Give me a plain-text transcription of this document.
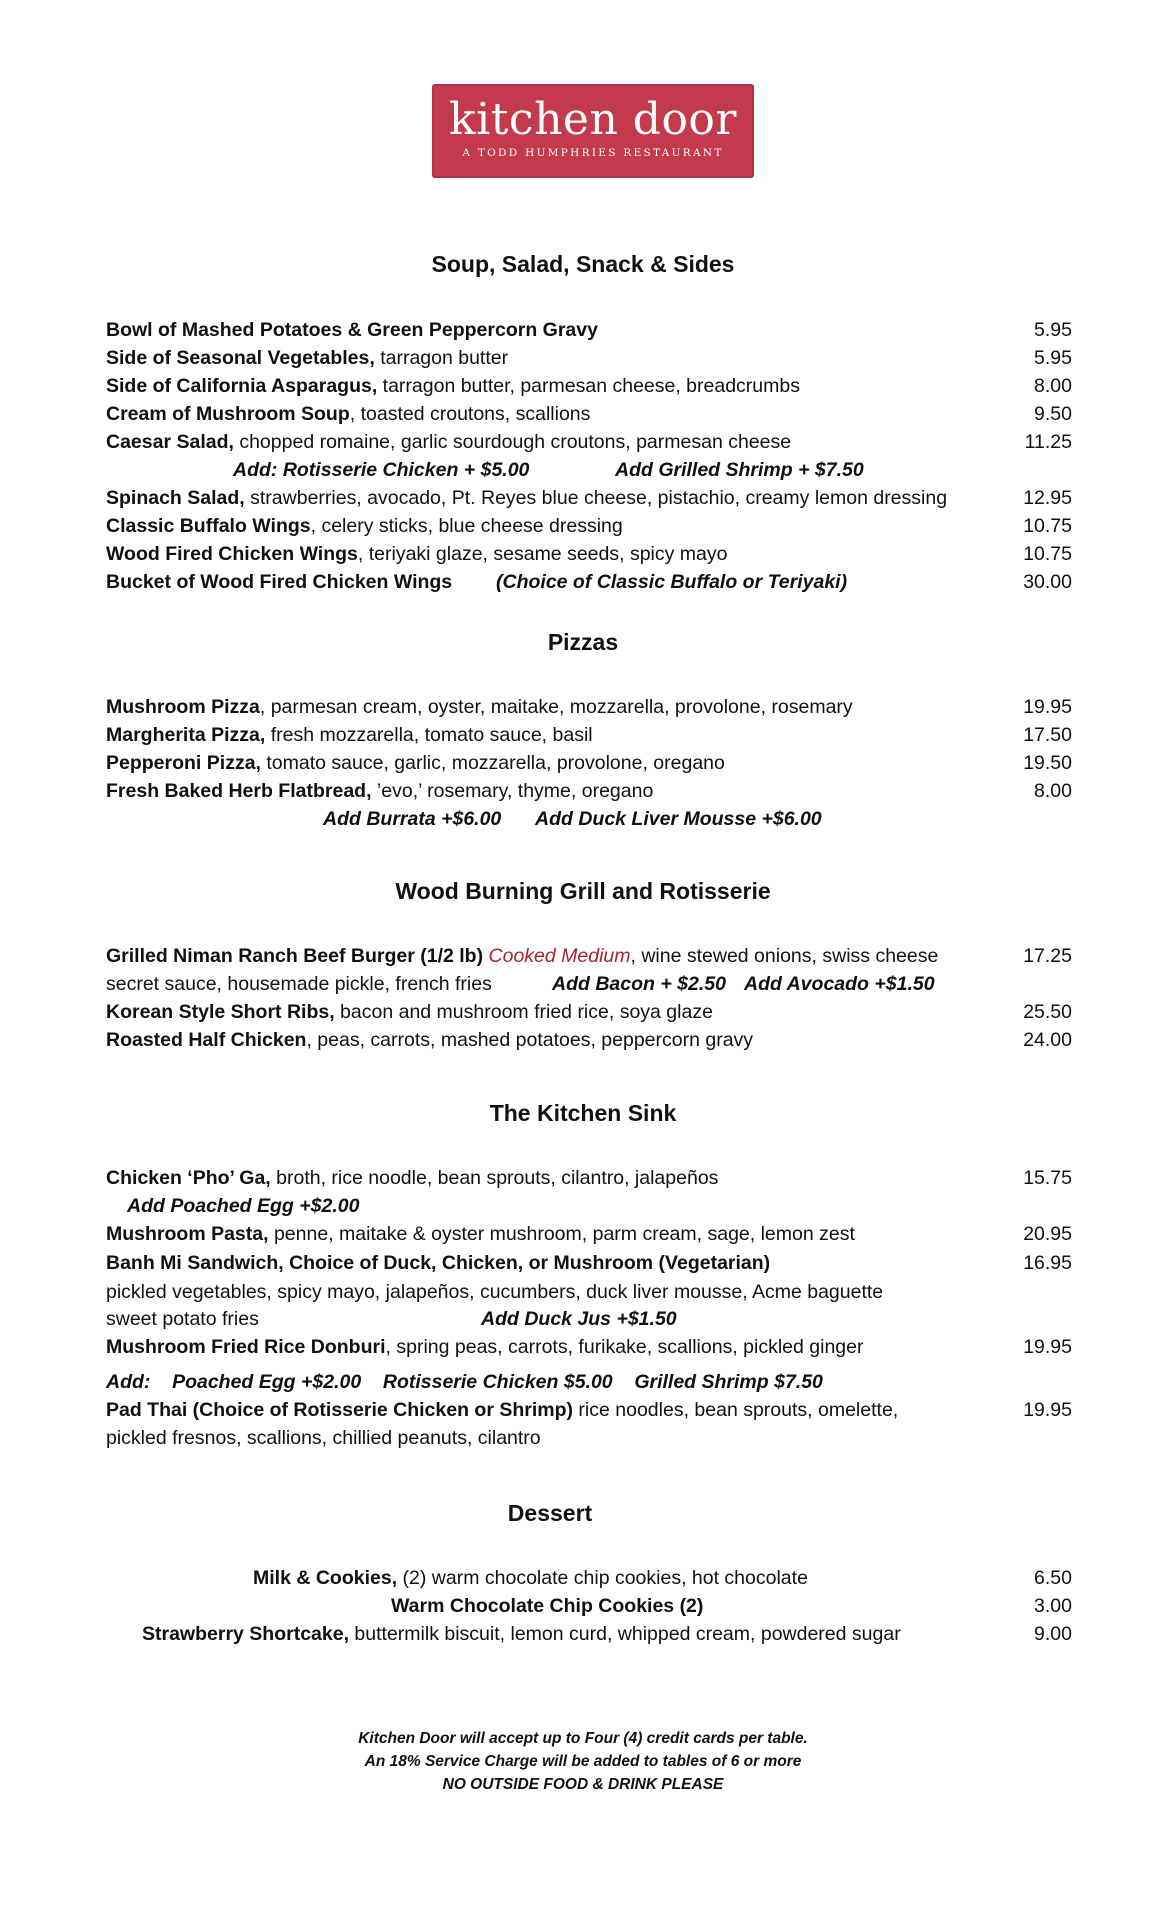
kitchen door
A TODD HUMPHRIES RESTAURANT
Soup, Salad, Snack & Sides
Bowl of Mashed Potatoes & Green Peppercorn Gravy	5.95
Side of Seasonal Vegetables, tarragon butter	5.95
Side of California Asparagus, tarragon butter, parmesan cheese, breadcrumbs	8.00
Cream of Mushroom Soup, toasted croutons, scallions	9.50
Caesar Salad, chopped romaine, garlic sourdough croutons, parmesan cheese	11.25
Add: Rotisserie Chicken + $5.00	Add Grilled Shrimp + $7.50
Spinach Salad, strawberries, avocado, Pt. Reyes blue cheese, pistachio, creamy lemon dressing	12.95
Classic Buffalo Wings, celery sticks, blue cheese dressing	10.75
Wood Fired Chicken Wings, teriyaki glaze, sesame seeds, spicy mayo	10.75
Bucket of Wood Fired Chicken Wings (Choice of Classic Buffalo or Teriyaki)	30.00
Pizzas
Mushroom Pizza, parmesan cream, oyster, maitake, mozzarella, provolone, rosemary	19.95
Margherita Pizza, fresh mozzarella, tomato sauce, basil	17.50
Pepperoni Pizza, tomato sauce, garlic, mozzarella, provolone, oregano	19.50
Fresh Baked Herb Flatbread, ’evo,’ rosemary, thyme, oregano	8.00
Add Burrata +$6.00 Add Duck Liver Mousse +$6.00
Wood Burning Grill and Rotisserie
Grilled Niman Ranch Beef Burger (1/2 lb) Cooked Medium, wine stewed onions, swiss cheese	17.25
secret sauce, housemade pickle, french fries	Add Bacon + $2.50 Add Avocado +$1.50
Korean Style Short Ribs, bacon and mushroom fried rice, soya glaze	25.50
Roasted Half Chicken, peas, carrots, mashed potatoes, peppercorn gravy	24.00
The Kitchen Sink
Chicken ‘Pho’ Ga, broth, rice noodle, bean sprouts, cilantro, jalapeños	15.75
Add Poached Egg +$2.00
Mushroom Pasta, penne, maitake & oyster mushroom, parm cream, sage, lemon zest	20.95
Banh Mi Sandwich, Choice of Duck, Chicken, or Mushroom (Vegetarian)	16.95
pickled vegetables, spicy mayo, jalapeños, cucumbers, duck liver mousse, Acme baguette
sweet potato fries	Add Duck Jus +$1.50
Mushroom Fried Rice Donburi, spring peas, carrots, furikake, scallions, pickled ginger	19.95
Add:    Poached Egg +$2.00    Rotisserie Chicken $5.00    Grilled Shrimp $7.50
Pad Thai (Choice of Rotisserie Chicken or Shrimp) rice noodles, bean sprouts, omelette,	19.95
pickled fresnos, scallions, chillied peanuts, cilantro
Dessert
Milk & Cookies, (2) warm chocolate chip cookies, hot chocolate	6.50
Warm Chocolate Chip Cookies (2)	3.00
Strawberry Shortcake, buttermilk biscuit, lemon curd, whipped cream, powdered sugar	9.00
Kitchen Door will accept up to Four (4) credit cards per table.
An 18% Service Charge will be added to tables of 6 or more
NO OUTSIDE FOOD & DRINK PLEASE
